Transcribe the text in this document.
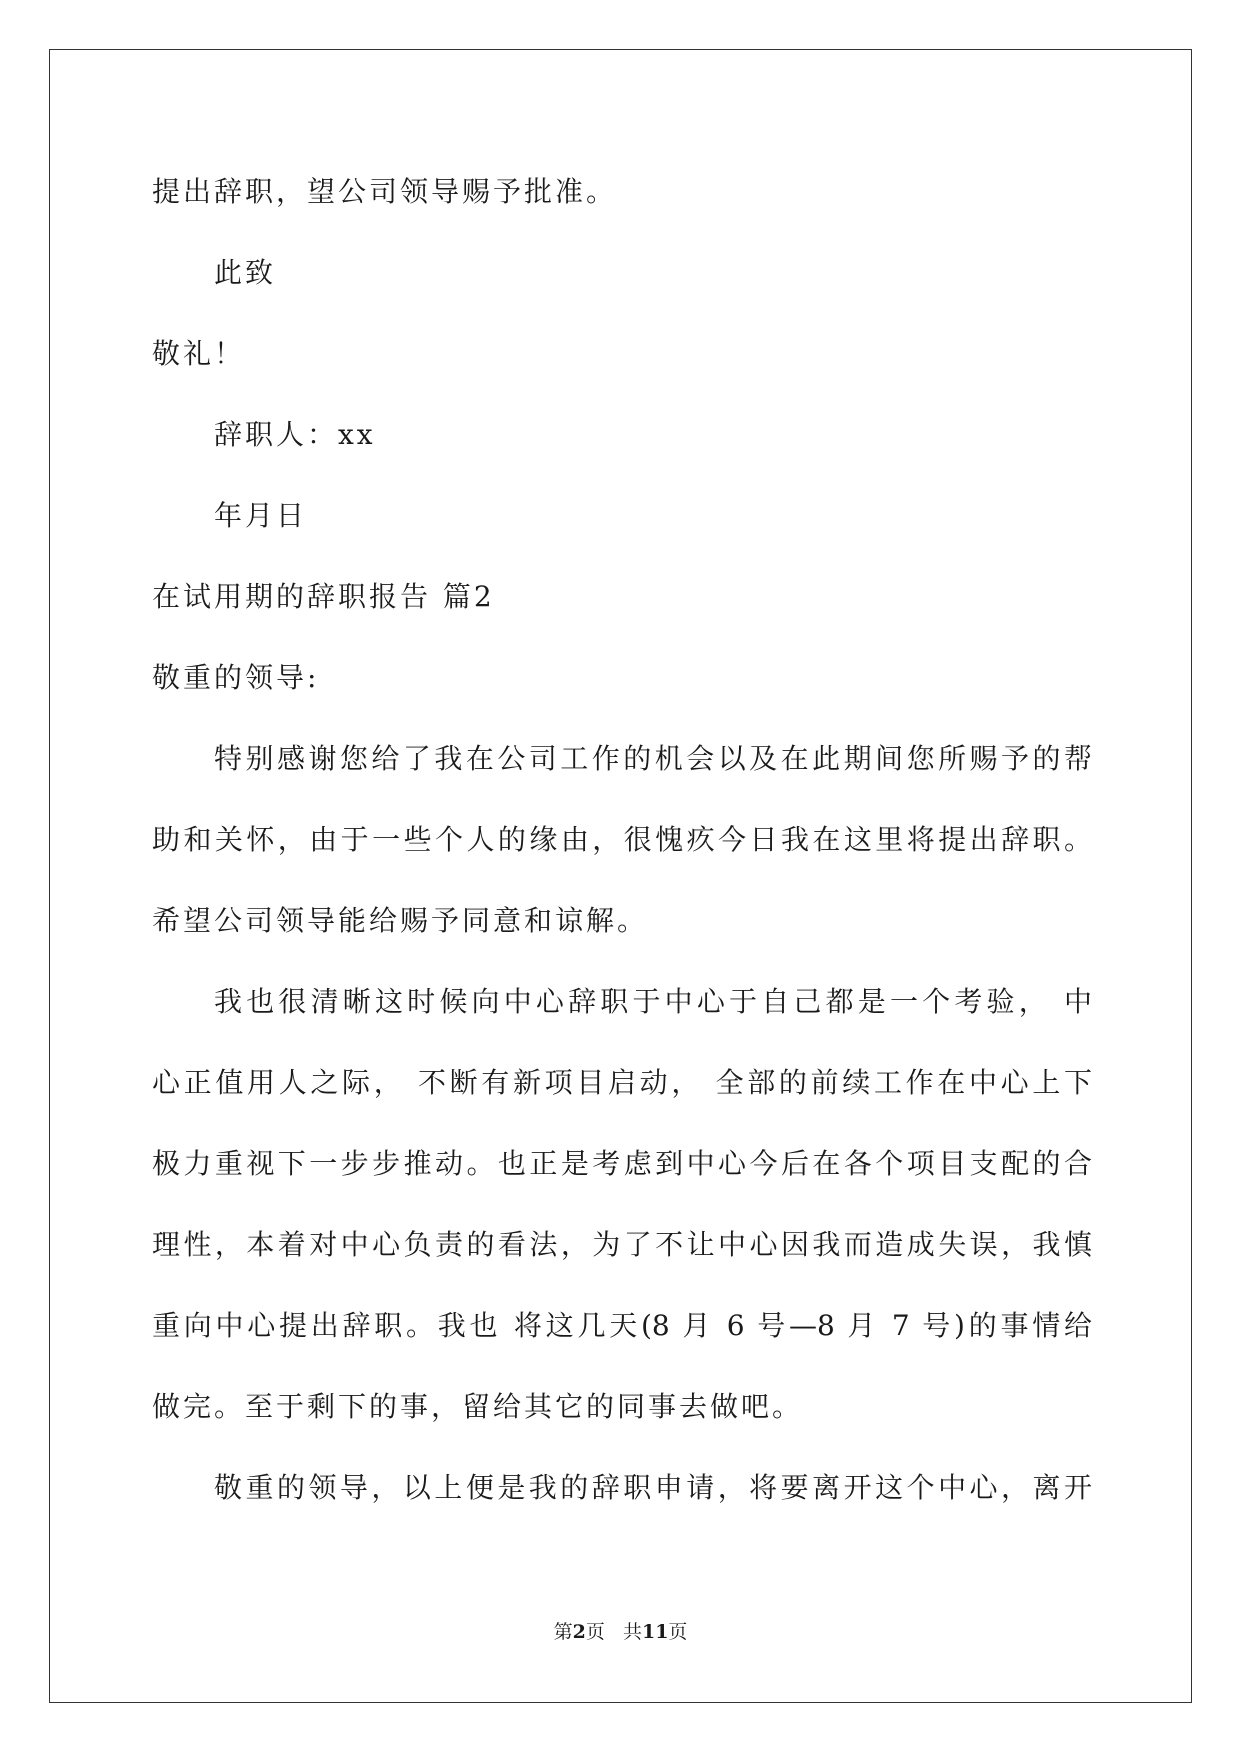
提出辞职，望公司领导赐予批准。
此致
敬礼！
辞职人：xx
年月日
在试用期的辞职报告 篇2
敬重的领导:
特别感谢您给了我在公司工作的机会以及在此期间您所赐予的帮
助和关怀，由于一些个人的缘由，很愧疚今日我在这里将提出辞职。
希望公司领导能给赐予同意和谅解。
我也很清晰这时候向中心辞职于中心于自己都是一个考验， 中
心正值用人之际， 不断有新项目启动， 全部的前续工作在中心上下
极力重视下一步步推动。也正是考虑到中心今后在各个项目支配的合
理性，本着对中心负责的看法，为了不让中心因我而造成失误，我慎
重向中心提出辞职。我也 将这几天(8 月 6 号—8 月 7 号)的事情给
做完。至于剩下的事，留给其它的同事去做吧。
敬重的领导，以上便是我的辞职申请，将要离开这个中心，离开
第2页 共11页
